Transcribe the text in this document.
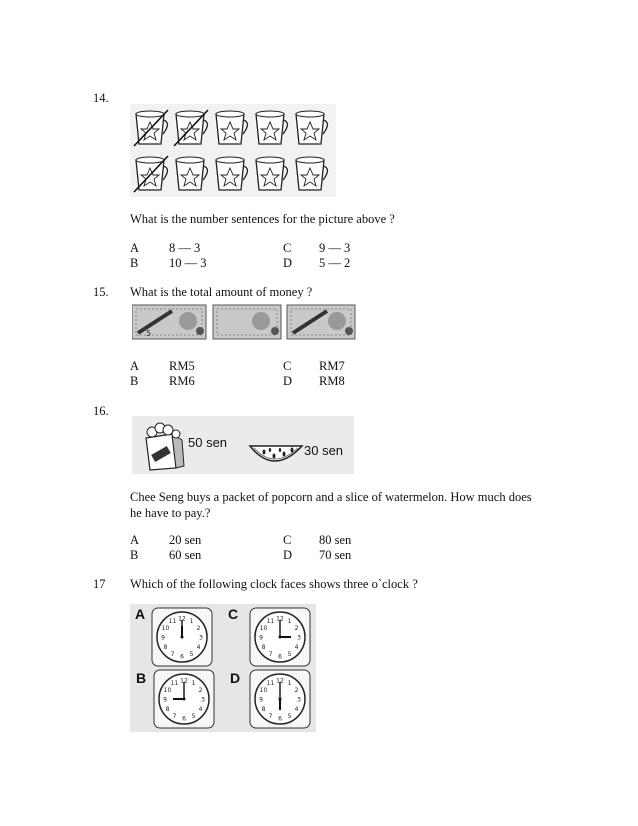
14.
What is the number sentences for the picture above ?
A 8 — 3
B 10 — 3
C 9 — 3
D 5 — 2
15. What is the total amount of money ?
5
A RM5
B RM6
C RM7
D RM8
16.
50 sen
30 sen
Chee Seng buys a packet of popcorn and a slice of watermelon. How much does
he have to pay.?
A 20 sen
B 60 sen
C 80 sen
D 70 sen
17 Which of the following clock faces shows three o`clock ?
A	C
B	D
1
2
3
4
5
6
7
8
9
10
11 12	1
2
3
4
5
6
7
8
9
10
11 12
1
2
3
4
5
6
7
8
9
10
11 12	1
2
3
4
5
6
7
8
9
10
11 12
